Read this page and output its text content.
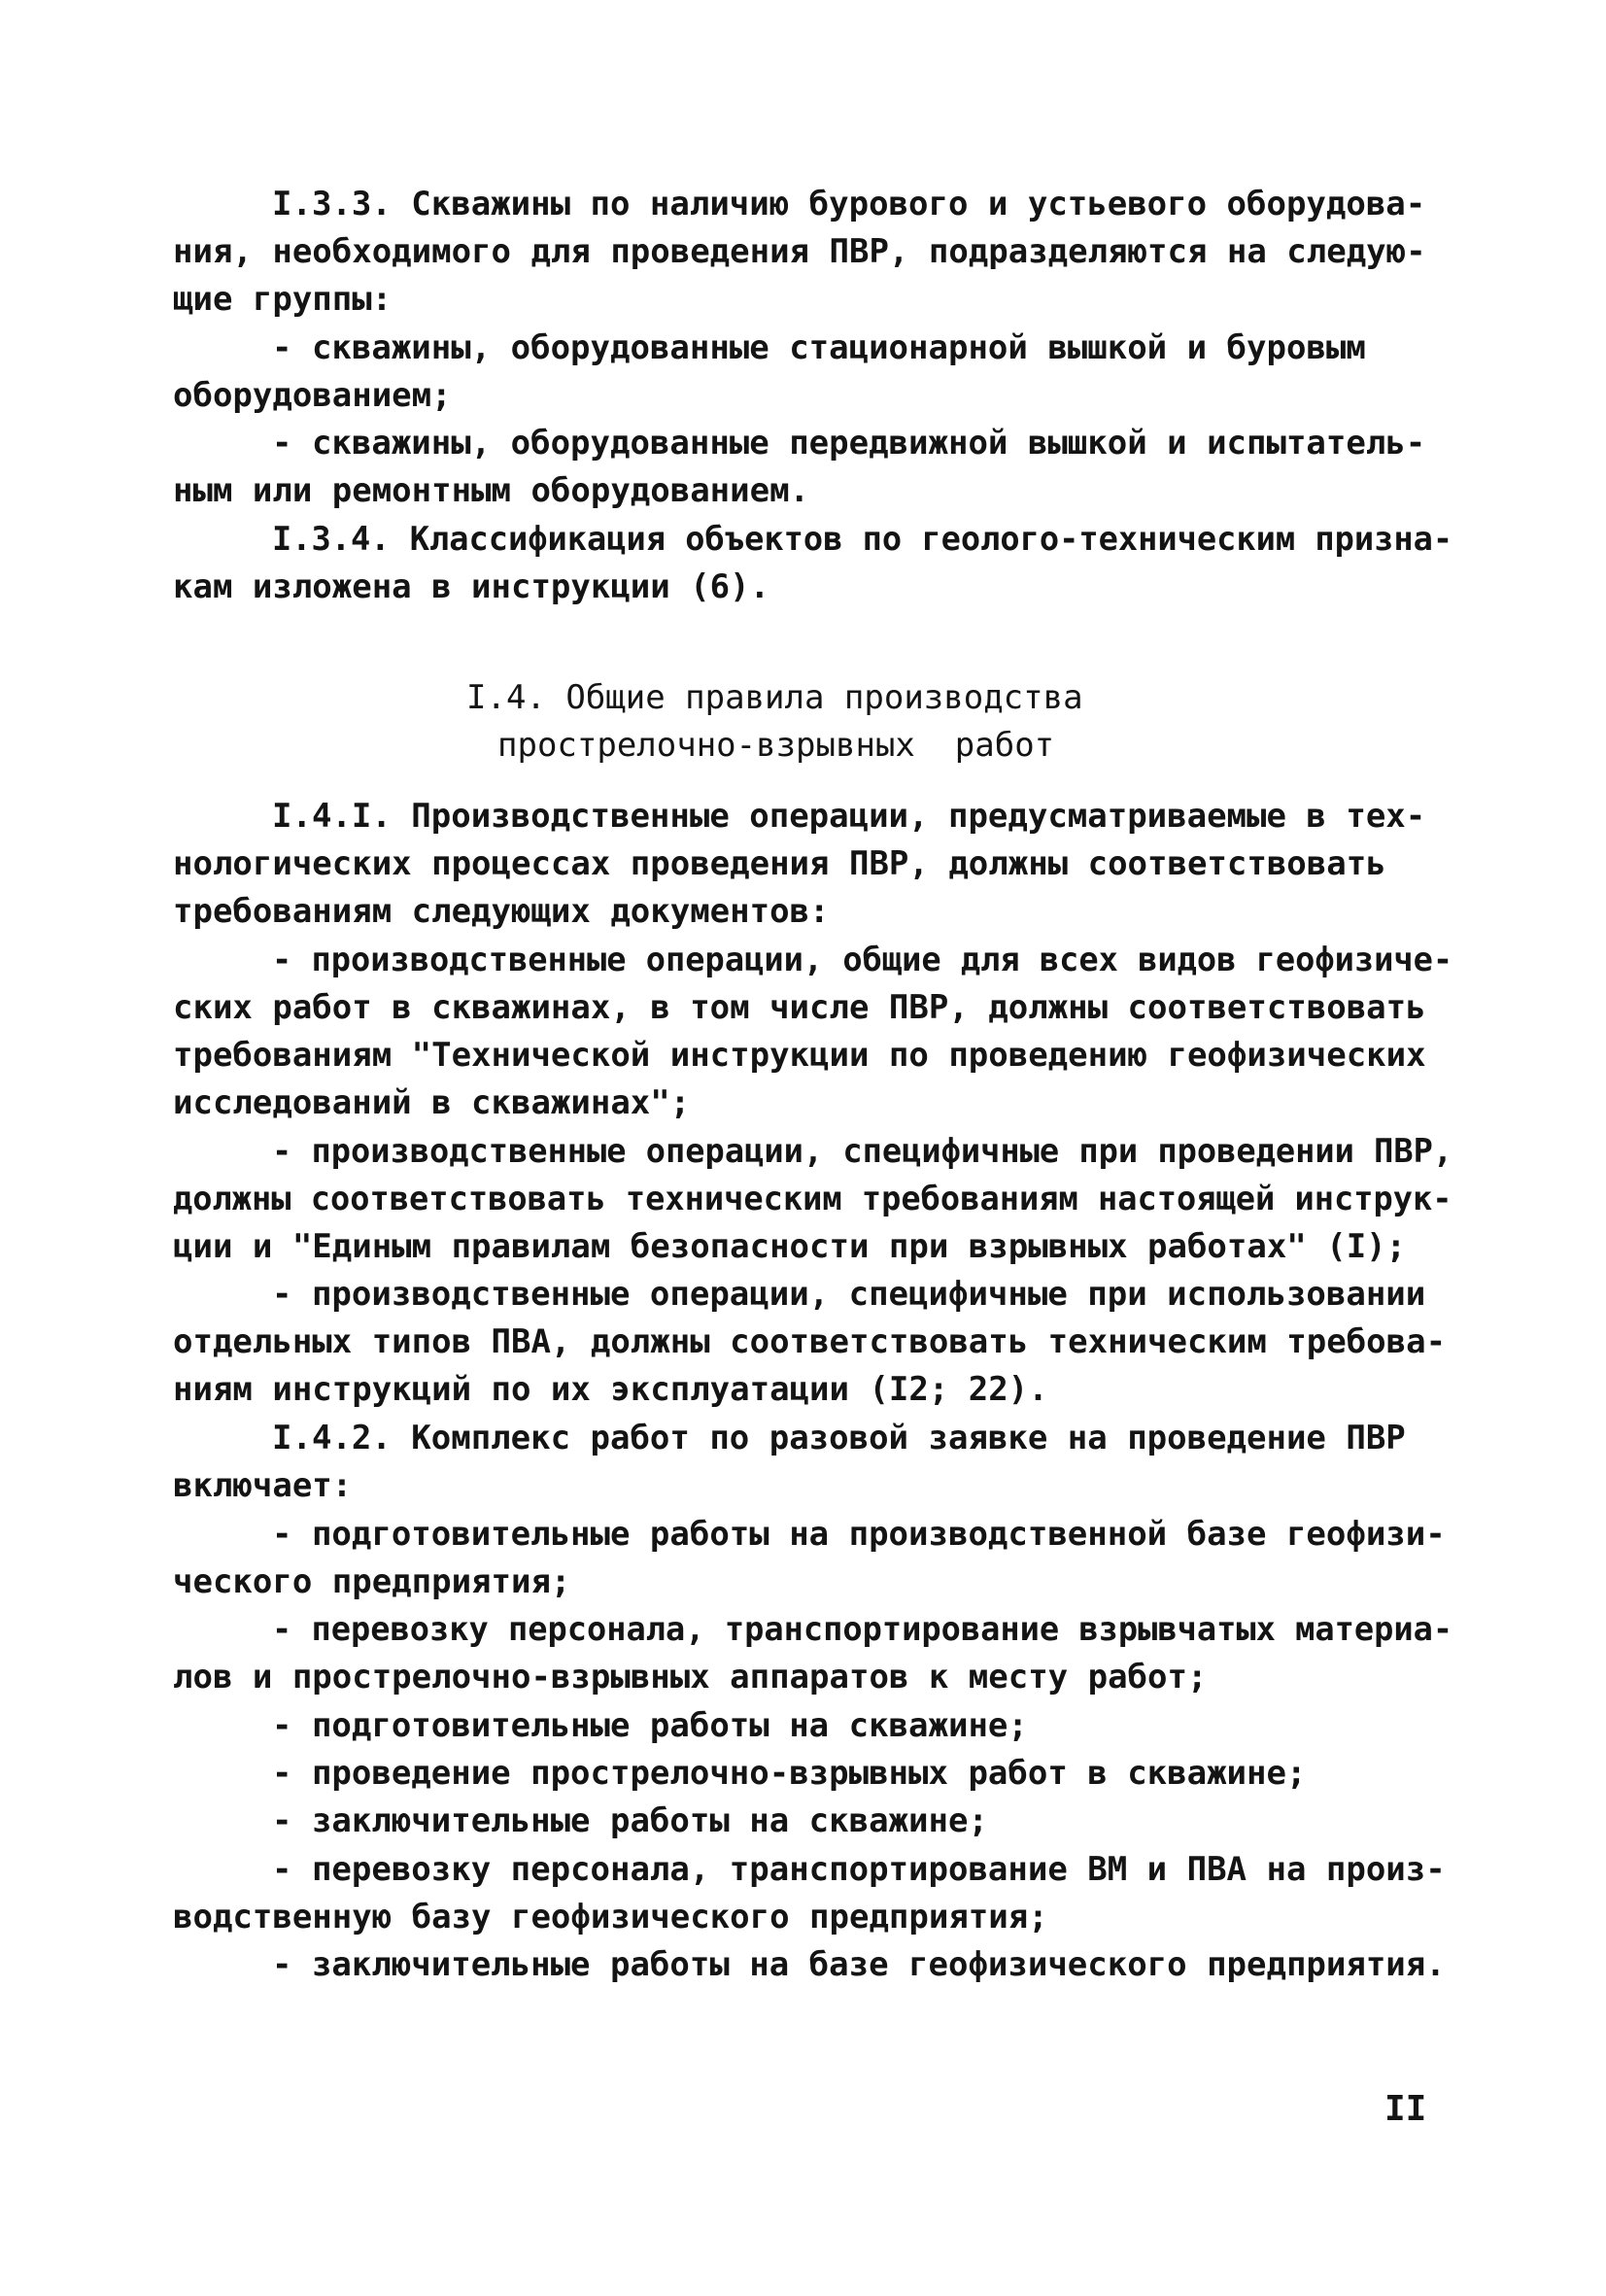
I.3.3. Скважины по наличию бурового и устьевого оборудова-
ния, необходимого для проведения ПВР, подразделяются на следую-
щие группы:
- скважины, оборудованные стационарной вышкой и буровым
оборудованием;
- скважины, оборудованные передвижной вышкой и испытатель-
ным или ремонтным оборудованием.
I.3.4. Классификация объектов по геолого-техническим призна-
кам изложена в инструкции (6).
I.4. Общие правила производства
прострелочно-взрывных  работ
I.4.I. Производственные операции, предусматриваемые в тех-
нологических процессах проведения ПВР, должны соответствовать
требованиям следующих документов:
- производственные операции, общие для всех видов геофизиче-
ских работ в скважинах, в том числе ПВР, должны соответствовать
требованиям "Технической инструкции по проведению геофизических
исследований в скважинах";
- производственные операции, специфичные при проведении ПВР,
должны соответствовать техническим требованиям настоящей инструк-
ции и "Единым правилам безопасности при взрывных работах" (I);
- производственные операции, специфичные при использовании
отдельных типов ПВА, должны соответствовать техническим требова-
ниям инструкций по их эксплуатации (I2; 22).
I.4.2. Комплекс работ по разовой заявке на проведение ПВР
включает:
- подготовительные работы на производственной базе геофизи-
ческого предприятия;
- перевозку персонала, транспортирование взрывчатых материа-
лов и прострелочно-взрывных аппаратов к месту работ;
- подготовительные работы на скважине;
- проведение прострелочно-взрывных работ в скважине;
- заключительные работы на скважине;
- перевозку персонала, транспортирование ВМ и ПВА на произ-
водственную базу геофизического предприятия;
- заключительные работы на базе геофизического предприятия.
II
